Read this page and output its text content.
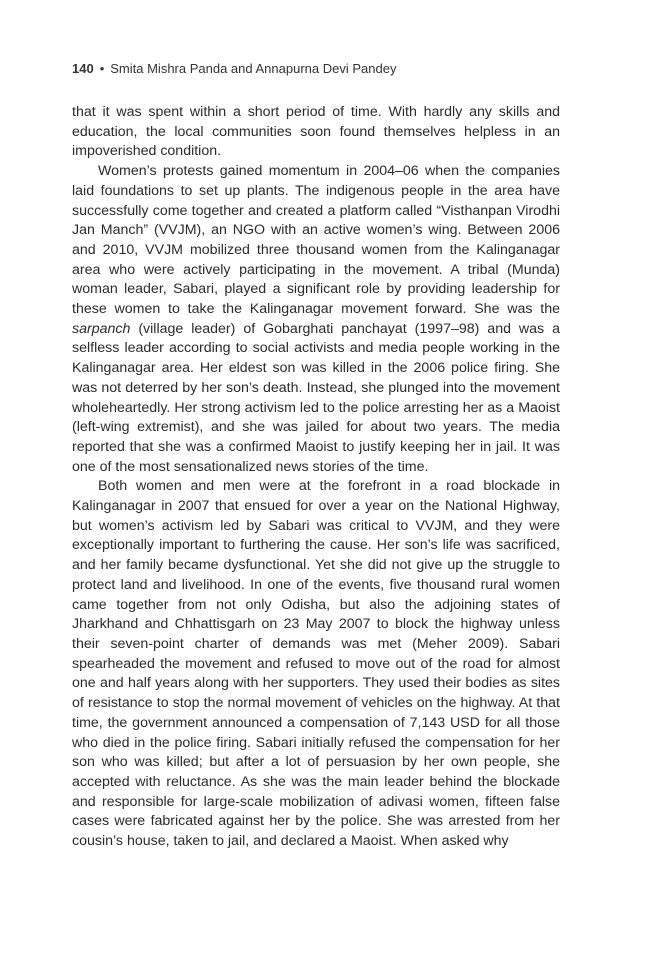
140 • Smita Mishra Panda and Annapurna Devi Pandey

that it was spent within a short period of time. With hardly any skills and education, the local communities soon found themselves helpless in an impoverished condition.

Women’s protests gained momentum in 2004–06 when the companies laid foundations to set up plants. The indigenous people in the area have successfully come together and created a platform called “Visthanpan Virodhi Jan Manch” (VVJM), an NGO with an active women’s wing. Between 2006 and 2010, VVJM mobilized three thousand women from the Kalinganagar area who were actively participating in the movement. A tribal (Munda) woman leader, Sabari, played a significant role by providing leadership for these women to take the Kalinganagar movement forward. She was the sarpanch (village leader) of Gobarghati panchayat (1997–98) and was a selfless leader according to social activists and media people working in the Kalinganagar area. Her eldest son was killed in the 2006 police firing. She was not deterred by her son’s death. Instead, she plunged into the movement wholeheartedly. Her strong activism led to the police arresting her as a Maoist (left-wing extremist), and she was jailed for about two years. The media reported that she was a confirmed Maoist to justify keeping her in jail. It was one of the most sensationalized news stories of the time.

Both women and men were at the forefront in a road blockade in Kalinganagar in 2007 that ensued for over a year on the National Highway, but women’s activism led by Sabari was critical to VVJM, and they were exceptionally important to furthering the cause. Her son’s life was sacrificed, and her family became dysfunctional. Yet she did not give up the struggle to protect land and livelihood. In one of the events, five thousand rural women came together from not only Odisha, but also the adjoining states of Jharkhand and Chhattisgarh on 23 May 2007 to block the highway unless their seven-point charter of demands was met (Meher 2009). Sabari spearheaded the movement and refused to move out of the road for almost one and half years along with her supporters. They used their bodies as sites of resistance to stop the normal movement of vehicles on the highway. At that time, the government announced a compensation of 7,143 USD for all those who died in the police firing. Sabari initially refused the compensation for her son who was killed; but after a lot of persuasion by her own people, she accepted with reluctance. As she was the main leader behind the blockade and responsible for large-scale mobilization of adivasi women, fifteen false cases were fabricated against her by the police. She was arrested from her cousin’s house, taken to jail, and declared a Maoist. When asked why
